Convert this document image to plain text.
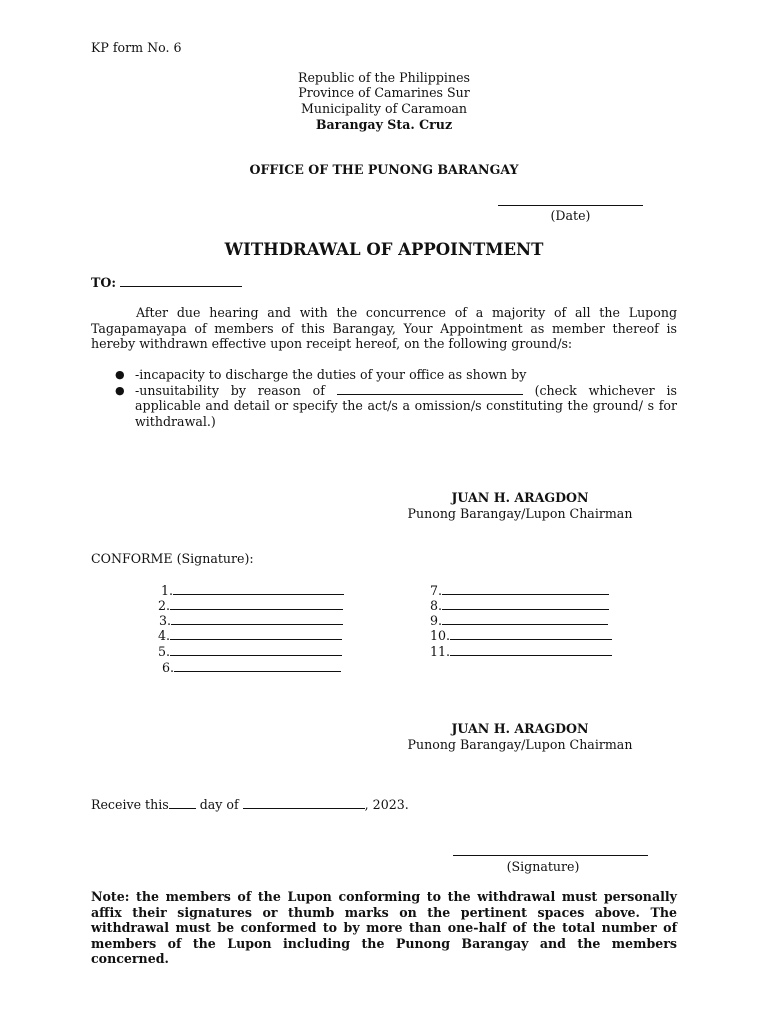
KP form No. 6
Republic of the Philippines
Province of Camarines Sur
Municipality of Caramoan
Barangay Sta. Cruz
OFFICE OF THE PUNONG BARANGAY
(Date)
WITHDRAWAL OF APPOINTMENT
TO:
After due hearing and with the concurrence of a majority of all the Lupong Tagapamayapa of members of this Barangay, Your Appointment as member thereof is hereby withdrawn effective upon receipt hereof, on the following ground/s:
● -incapacity to discharge the duties of your office as shown by
● -unsuitability by reason of	(check whichever is applicable and detail or specify the act/s a omission/s constituting the ground/ s for withdrawal.)
JUAN H. ARAGDON
Punong Barangay/Lupon Chairman
CONFORME (Signature):
1.
2.
3.
4.
5.
6.
7.
8.
9.
10.
11.
JUAN H. ARAGDON
Punong Barangay/Lupon Chairman
Receive this day of	, 2023.
(Signature)
Note: the members of the Lupon conforming to the withdrawal must personally affix their signatures or thumb marks on the pertinent spaces above. The withdrawal must be conformed to by more than one-half of the total number of members of the Lupon including the Punong Barangay and the members concerned.
